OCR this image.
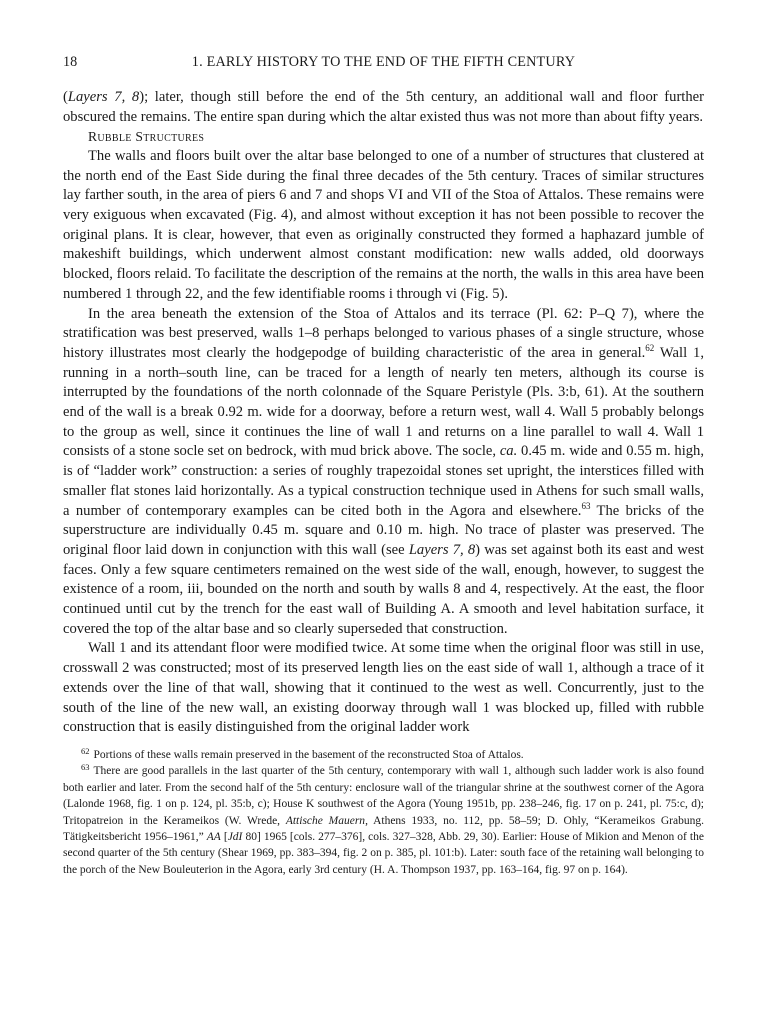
18	1. EARLY HISTORY TO THE END OF THE FIFTH CENTURY

(Layers 7, 8); later, though still before the end of the 5th century, an additional wall and floor further obscured the remains. The entire span during which the altar existed thus was not more than about fifty years.

Rubble Structures

The walls and floors built over the altar base belonged to one of a number of structures that clustered at the north end of the East Side during the final three decades of the 5th century. Traces of similar structures lay farther south, in the area of piers 6 and 7 and shops VI and VII of the Stoa of Attalos. These remains were very exiguous when excavated (Fig. 4), and almost without exception it has not been possible to recover the original plans. It is clear, however, that even as originally constructed they formed a haphazard jumble of makeshift buildings, which underwent almost constant modification: new walls added, old doorways blocked, floors relaid. To facilitate the description of the remains at the north, the walls in this area have been numbered 1 through 22, and the few identifiable rooms i through vi (Fig. 5).

In the area beneath the extension of the Stoa of Attalos and its terrace (Pl. 62: P–Q 7), where the stratification was best preserved, walls 1–8 perhaps belonged to various phases of a single structure, whose history illustrates most clearly the hodgepodge of building characteristic of the area in general.$^{62}$ Wall 1, running in a north–south line, can be traced for a length of nearly ten meters, although its course is interrupted by the foundations of the north colonnade of the Square Peristyle (Pls. 3:b, 61). At the southern end of the wall is a break 0.92 m. wide for a doorway, before a return west, wall 4. Wall 5 probably belongs to the group as well, since it continues the line of wall 1 and returns on a line parallel to wall 4. Wall 1 consists of a stone socle set on bedrock, with mud brick above. The socle, ca. 0.45 m. wide and 0.55 m. high, is of “ladder work” construction: a series of roughly trapezoidal stones set upright, the interstices filled with smaller flat stones laid horizontally. As a typical construction technique used in Athens for such small walls, a number of contemporary examples can be cited both in the Agora and elsewhere.$^{63}$ The bricks of the superstructure are individually 0.45 m. square and 0.10 m. high. No trace of plaster was preserved. The original floor laid down in conjunction with this wall (see Layers 7, 8) was set against both its east and west faces. Only a few square centimeters remained on the west side of the wall, enough, however, to suggest the existence of a room, iii, bounded on the north and south by walls 8 and 4, respectively. At the east, the floor continued until cut by the trench for the east wall of Building A. A smooth and level habitation surface, it covered the top of the altar base and so clearly superseded that construction.

Wall 1 and its attendant floor were modified twice. At some time when the original floor was still in use, crosswall 2 was constructed; most of its preserved length lies on the east side of wall 1, although a trace of it extends over the line of that wall, showing that it continued to the west as well. Concurrently, just to the south of the line of the new wall, an existing doorway through wall 1 was blocked up, filled with rubble construction that is easily distinguished from the original ladder work

$^{62}$ Portions of these walls remain preserved in the basement of the reconstructed Stoa of Attalos.

$^{63}$ There are good parallels in the last quarter of the 5th century, contemporary with wall 1, although such ladder work is also found both earlier and later. From the second half of the 5th century: enclosure wall of the triangular shrine at the southwest corner of the Agora (Lalonde 1968, fig. 1 on p. 124, pl. 35:b, c); House K southwest of the Agora (Young 1951b, pp. 238–246, fig. 17 on p. 241, pl. 75:c, d); Tritopatreion in the Kerameikos (W. Wrede, Attische Mauern, Athens 1933, no. 112, pp. 58–59; D. Ohly, “Kerameikos Grabung. Tätigkeitsbericht 1956–1961,” AA [JdI 80] 1965 [cols. 277–376], cols. 327–328, Abb. 29, 30). Earlier: House of Mikion and Menon of the second quarter of the 5th century (Shear 1969, pp. 383–394, fig. 2 on p. 385, pl. 101:b). Later: south face of the retaining wall belonging to the porch of the New Bouleuterion in the Agora, early 3rd century (H. A. Thompson 1937, pp. 163–164, fig. 97 on p. 164).
